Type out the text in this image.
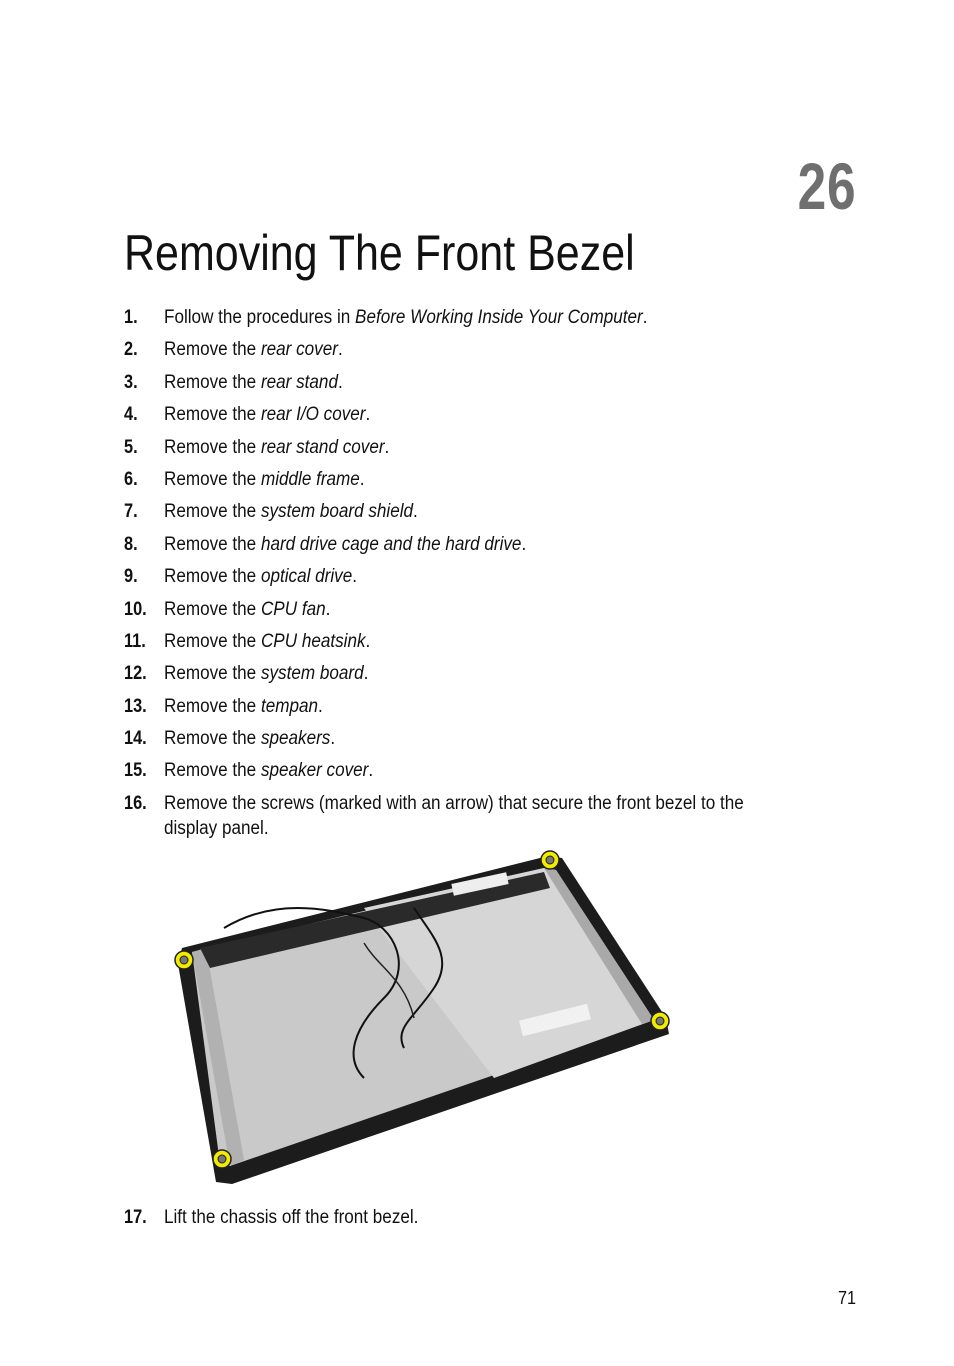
26
Removing The Front Bezel
1.	Follow the procedures in Before Working Inside Your Computer.
2.	Remove the rear cover.
3.	Remove the rear stand.
4.	Remove the rear I/O cover.
5.	Remove the rear stand cover.
6.	Remove the middle frame.
7.	Remove the system board shield.
8.	Remove the hard drive cage and the hard drive.
9.	Remove the optical drive.
10. Remove the CPU fan.
11. Remove the CPU heatsink.
12. Remove the system board.
13. Remove the tempan.
14. Remove the speakers.
15. Remove the speaker cover.
16. Remove the screws (marked with an arrow) that secure the front bezel to the display panel.
17. Lift the chassis off the front bezel.
71
